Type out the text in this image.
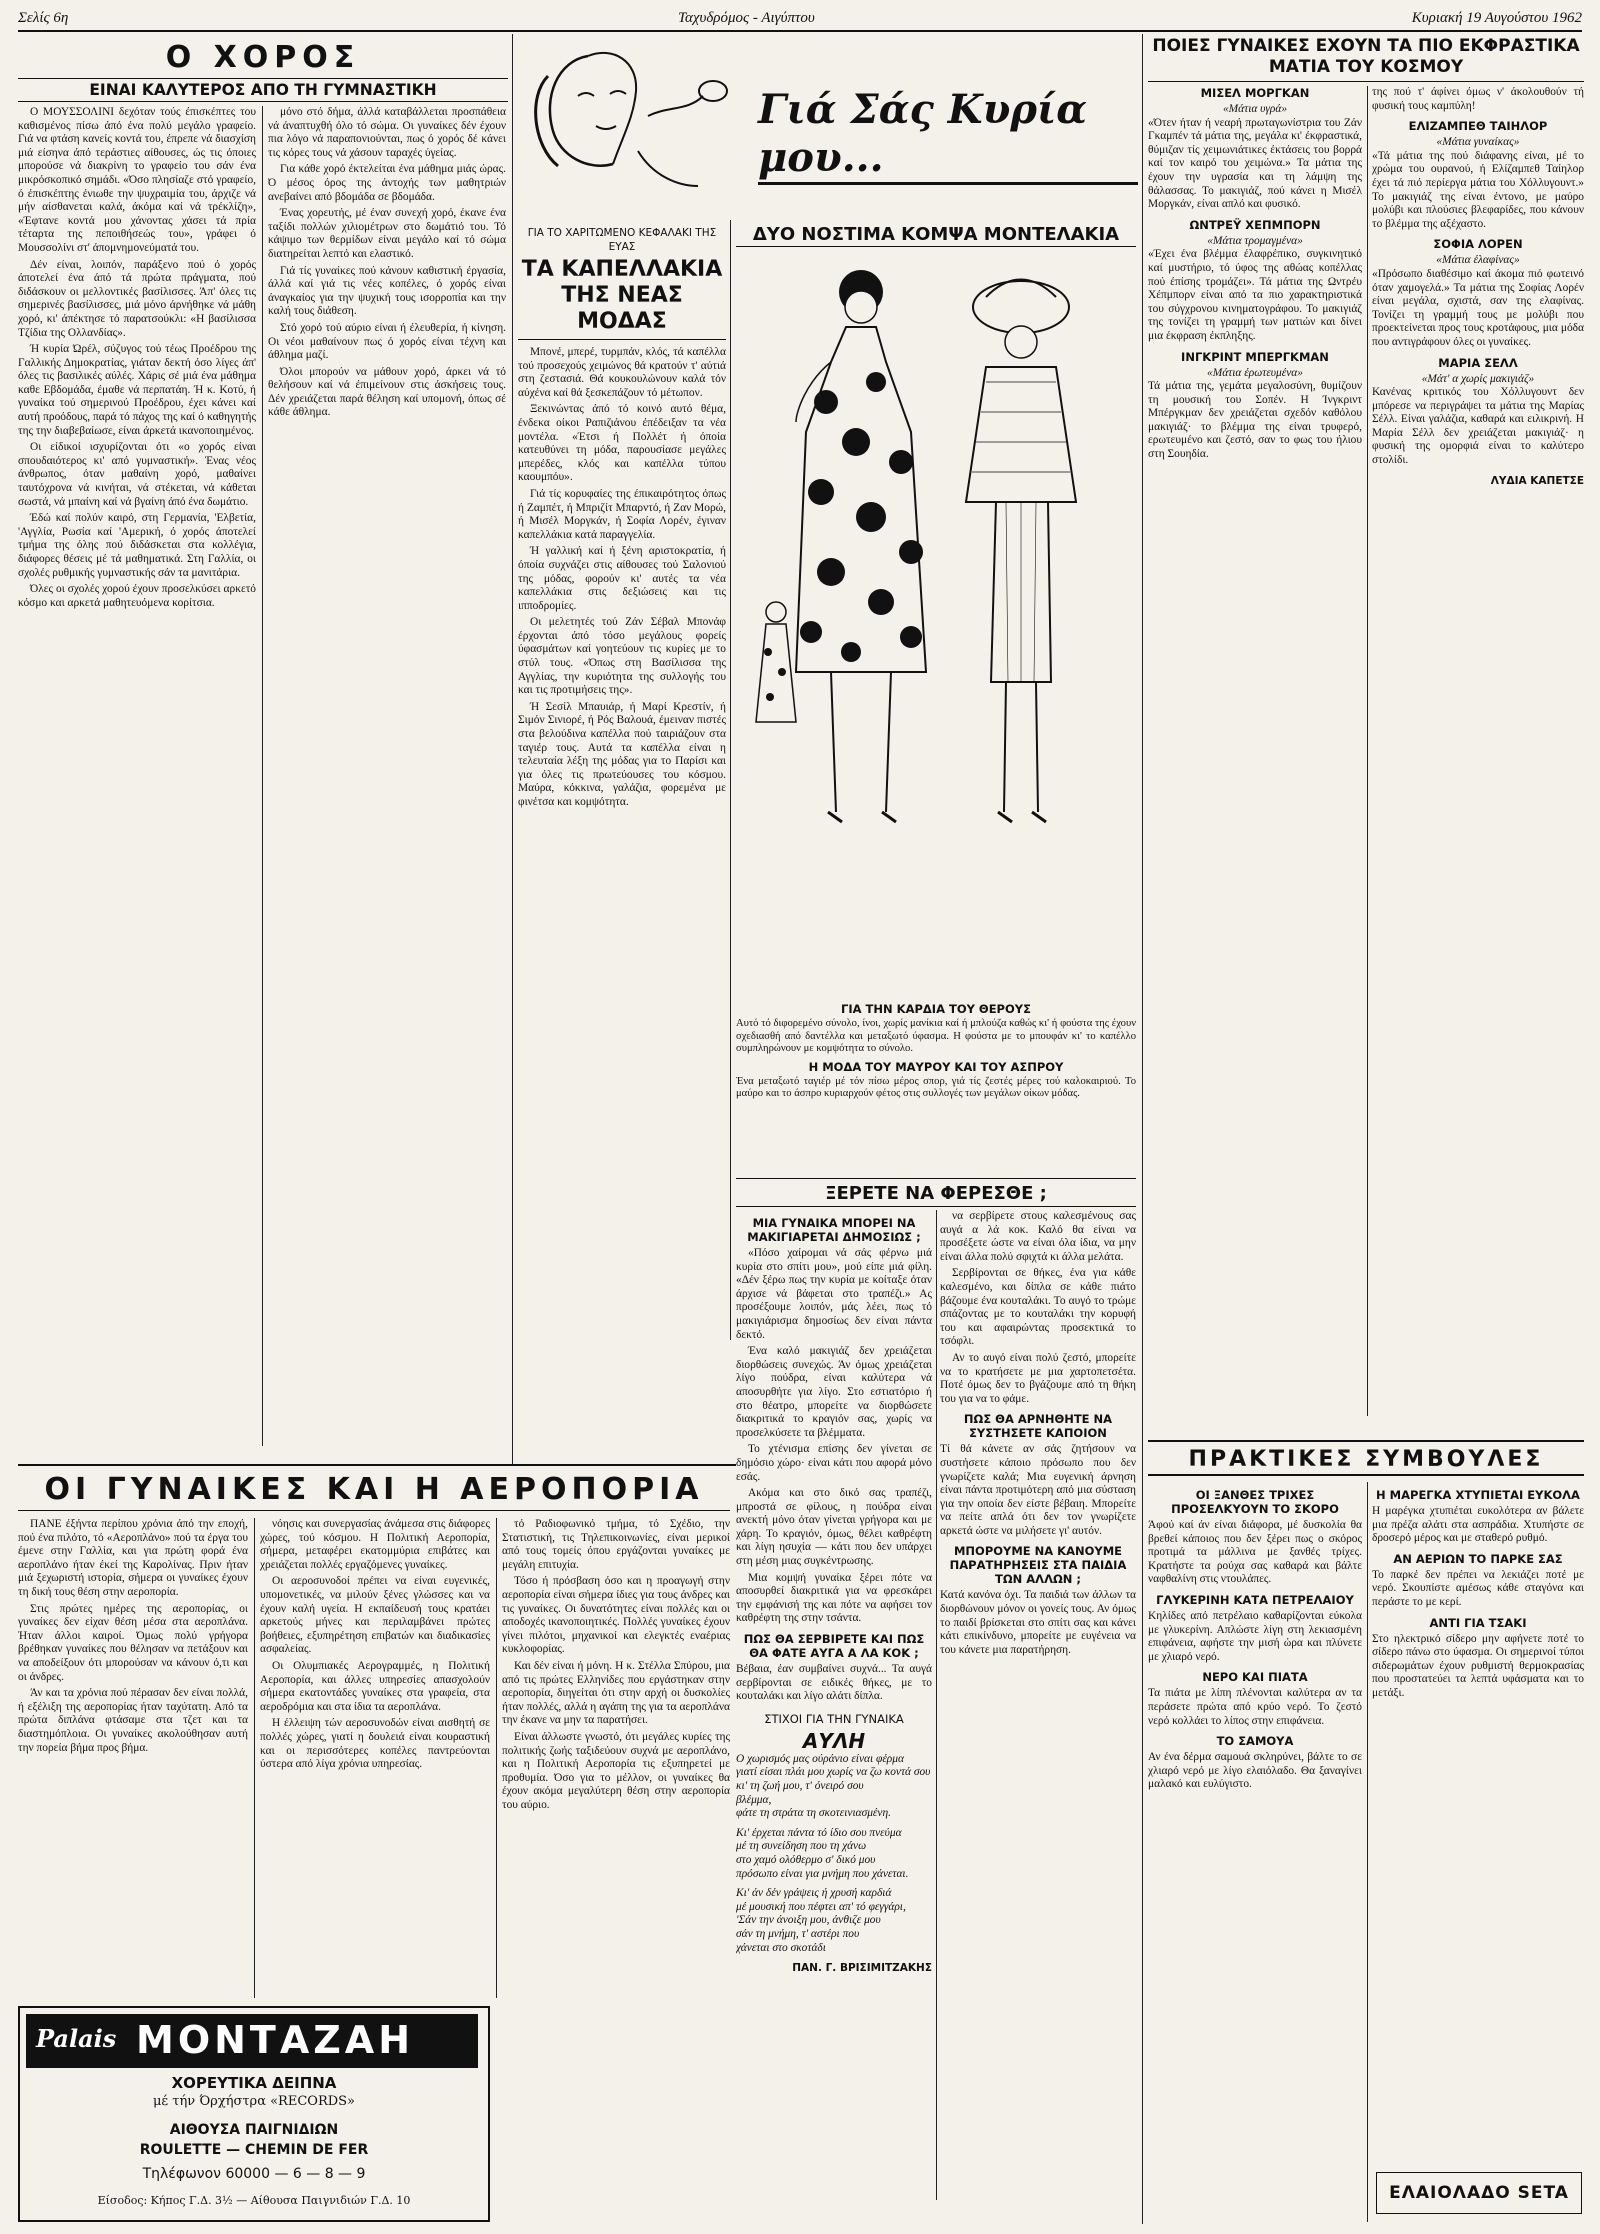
Σελίς 6η	Ταχυδρόμος - Αιγύπτου	Κυριακή 19 Αυγούστου 1962
Ο ΧΟΡΟΣ
ΕΙΝΑΙ ΚΑΛΥΤΕΡΟΣ ΑΠΟ ΤΗ ΓΥΜΝΑΣΤΙΚΗ

Ο ΜΟΥΣΣΟΛΙΝΙ δεχόταν τούς έπισκέπτες του καθισμένος πίσω άπό ένα πολύ μεγάλο γραφείο. Γιά να φτάση κανείς κοντά του, έπρεπε νά διασχίση μιά είσηνα άπό τεράστιες αίθουσες, ώς τις όποιες μπορούσε νά διακρίνη το γραφείο του σάν ένα μικρόσκοπικό σημάδι. «Όσο πλησίαζε στό γραφείο, ό έπισκέπτης ένιωθε την ψυχραιμία του, άρχιζε νά μήν αίσθανεται καλά, άκόμα καί νά τρέκλίζη», «Έφτανε κοντά μου χάνοντας χάσει τά πρία τέταρτα της πεποιθήσεώς του», γράφει ό Μουσσολίνι στ' άπομνημονεύματά του.

Δέν είναι, λοιπόν, παράξενο πού ό χορός άποτελεί ένα άπό τά πρώτα πράγματα, πού διδάσκουν οι μελλοντικές βασίλισσες. Άπ' όλες τις σημερινές βασίλισσες, μιά μόνο άρνήθηκε νά μάθη χορό, κι' άπέκτησε τό παρατσούκλι: «Η βασίλισσα Τζίδια της Ολλανδίας».

Ή κυρία Ώρέλ, σύζυγος τού τέως Προέδρου της Γαλλικής Δημοκρατίας, γιάταν δεκτή όσο λίγες άπ' όλες τις βασιλικές αύλές. Χάρις σέ μιά ένα μάθημα καθε Εβδομάδα, έμαθε νά περπατάη. Ή κ. Κοτύ, ή γυναίκα τού σημερινού Προέδρου, έχει κάνει καί αυτή προόδους, παρά τό πάχος της καί ό καθηγητής της την διαβεβαίωσε, είναι άρκετά ικανοποιημένος.

Οι είδικοί ισχυρίζονται ότι «ο χορός είναι σπουδαιότερος κι' από γυμναστική». Ένας νέος άνθρωπος, όταν μαθαίνη χορό, μαθαίνει ταυτόχρονα νά κινήται, νά στέκεται, νά κάθεται σωστά, νά μπαίνη καί νά βγαίνη άπό ένα δωμάτιο.

Έδώ καί πολύν καιρό, στη Γερμανία, 'Ελβετία, 'Αγγλία, Ρωσία καί 'Αμερική, ό χορός άποτελεί τμήμα της όλης πού διδάσκεται στα κολλέγια, διάφορες θέσεις μέ τά μαθηματικά. Στη Γαλλία, οι σχολές ρυθμικής γυμναστικής σάν τα μανιτάρια.

Όλες οι σχολές χορού έχουν προσελκύσει αρκετό κόσμο και αρκετά μαθητευόμενα κορίτσια.

μόνο στό δήμα, άλλά καταβάλλεται προσπάθεια νά άναπτυχθή όλο τό σώμα. Οι γυναίκες δέν έχουν πια λόγο νά παραπονιούνται, πως ό χορός δέ κάνει τις κόρες τους νά χάσουν ταραχές ύγείας.

Για κάθε χορό έκτελείται ένα μάθημα μιάς ώρας. Ό μέσος όρος της άντοχής των μαθητριών ανεβαίνει από βδομάδα σε βδομάδα.

Ένας χορευτής, μέ έναν συνεχή χορό, έκανε ένα ταξίδι πολλών χιλιομέτρων στο δωμάτιό του. Τό κάψιμο των θερμίδων είναι μεγάλο καί τό σώμα διατηρείται λεπτό και ελαστικό.

Γιά τίς γυναίκες πού κάνουν καθιστική έργασία, άλλά καί γιά τις νέες κοπέλες, ό χορός είναι άναγκαίος για την ψυχική τους ισορροπία και την καλή τους διάθεση.

Στό χορό τού αύριο είναι ή έλευθερία, ή κίνηση. Οι νέοι μαθαίνουν πως ό χορός είναι τέχνη και άθλημα μαζί.

Όλοι μπορούν να μάθουν χορό, άρκει νά τό θελήσουν καί νά έπιμείνουν στις άσκήσεις τους. Δέν χρειάζεται παρά θέληση καί υπομονή, όπως σέ κάθε άθλημα.

Γιά Σάς Κυρία μου...
ΓΙΑ ΤΟ ΧΑΡΙΤΩΜΕΝΟ ΚΕΦΑΛΑΚΙ ΤΗΣ ΕΥΑΣ
ΤΑ ΚΑΠΕΛΛΑΚΙΑ ΤΗΣ ΝΕΑΣ ΜΟΔΑΣ

Μπονέ, μπερέ, τυρμπάν, κλός, τά καπέλλα τού προσεχούς χειμώνος θά κρατούν τ' αύτιά στη ζεστασιά. Θά κουκουλώνουν καλά τόν αύχένα καί θά ξεσκεπάζουν τό μέτωπον.

Ξεκινώντας άπό τό κοινό αυτό θέμα, ένδεκα οίκοι Ραπιζιάνου έπέδειξαν τα νέα μοντέλα. «Έτσι ή Πολλέτ ή όποία κατευθύνει τη μόδα, παρουσίασε μεγάλες μπερέδες, κλός και καπέλλα τύπου καουμπόυ».

Γιά τίς κορυφαίες της έπικαιρότητος όπως ή Ζαμπέτ, ή Μπριζίτ Μπαρντό, ή Ζαν Μορώ, ή Μισέλ Μοργκάν, ή Σοφία Λορέν, έγιναν καπελλάκια κατά παραγγελία.

Ή γαλλική καί ή ξένη αριστοκρατία, ή όποία συχνάζει στις αίθουσες τού Σαλονιού της μόδας, φορούν κι' αυτές τα νέα καπελλάκια στις δεξιώσεις και τις ιπποδρομίες.

Οι μελετητές τού Ζάν Σέβαλ Μπονάφ έρχονται άπό τόσο μεγάλους φορείς ύφασμάτων καί γοητεύουν τις κυρίες με το στύλ τους. «Όπως στη Βασίλισσα της Αγγλίας, την κυριότητα της συλλογής του και τις προτιμήσεις της».

Ή Σεσίλ Μπαυιάρ, ή Μαρί Κρεστίν, ή Σιμόν Σινιορέ, ή Ρός Βαλουά, έμειναν πιστές στα βελούδινα καπέλλα πού ταιριάζουν στα ταγιέρ τους. Αυτά τα καπέλλα είναι η τελευταία λέξη της μόδας για το Παρίσι και για όλες τις πρωτεύουσες του κόσμου. Μαύρα, κόκκινα, γαλάζια, φορεμένα με φινέτσα και κομψότητα.

ΔΥΟ ΝΟΣΤΙΜΑ ΚΟΜΨΑ ΜΟΝΤΕΛΑΚΙΑ
ΓΙΑ ΤΗΝ ΚΑΡΔΙΑ ΤΟΥ ΘΕΡΟΥΣ
Αυτό τό διφορεμένο σύνολο, ίνοι, χωρίς μανίκια καί ή μπλούζα καθώς κι' ή φούστα της έχουν σχεδιασθή από δαντέλλα και μεταξωτό ύφασμα. Η φούστα με το μπουφάν κι' το καπέλλο συμπληρώνουν με κομψότητα το σύνολο.
Η ΜΟΔΑ ΤΟΥ ΜΑΥΡΟΥ ΚΑΙ ΤΟΥ ΑΣΠΡΟΥ
Ένα μεταξωτό ταγιέρ μέ τόν πίσω μέρος σπορ, γιά τίς ζεστές μέρες τού καλοκαιριού. Το μαύρο και το άσπρο κυριαρχούν φέτος στις συλλογές των μεγάλων οίκων μόδας.
ΞΕΡΕΤΕ ΝΑ ΦΕΡΕΣΘΕ ;
ΜΙΑ ΓΥΝΑΙΚΑ ΜΠΟΡΕΙ ΝΑ ΜΑΚΙΓΙΑΡΕΤΑΙ ΔΗΜΟΣΙΩΣ ;

«Πόσο χαίρομαι νά σάς φέρνω μιά κυρία στο σπίτι μου», μού είπε μιά φίλη. «Δέν ξέρω πως την κυρία με κοίταξε όταν άρχισε νά βάφεται στο τραπέζι.» Ας προσέξουμε λοιπόν, μάς λέει, πως τό μακιγιάρισμα δημοσίως δεν είναι πάντα δεκτό.

Ένα καλό μακιγιάζ δεν χρειάζεται διορθώσεις συνεχώς. Άν όμως χρειάζεται λίγο πούδρα, είναι καλύτερα νά αποσυρθήτε για λίγο. Στο εστιατόριο ή στο θέατρο, μπορείτε να διορθώσετε διακριτικά το κραγιόν σας, χωρίς να προσελκύσετε τα βλέμματα.

Το χτένισμα επίσης δεν γίνεται σε δημόσιο χώρο· είναι κάτι που αφορά μόνο εσάς.

Ακόμα και στο δικό σας τραπέζι, μπροστά σε φίλους, η πούδρα είναι ανεκτή μόνο όταν γίνεται γρήγορα και με χάρη. Το κραγιόν, όμως, θέλει καθρέφτη και λίγη ησυχία — κάτι που δεν υπάρχει στη μέση μιας συγκέντρωσης.

Μια κομψή γυναίκα ξέρει πότε να αποσυρθεί διακριτικά για να φρεσκάρει την εμφάνισή της και πότε να αφήσει τον καθρέφτη της στην τσάντα.

ΠΩΣ ΘΑ ΣΕΡΒΙΡΕΤΕ ΚΑΙ ΠΩΣ ΘΑ ΦΑΤΕ ΑΥΓΑ Α ΛΑ ΚΟΚ ;
Βέβαια, έαν συμβαίνει συχνά... Τα αυγά σερβίρονται σε ειδικές θήκες, με το κουταλάκι και λίγο αλάτι δίπλα.
ΣΤΙΧΟΙ ΓΙΑ ΤΗΝ ΓΥΝΑΙΚΑ
ΑΥΛΗ
Ο χωρισμός μας ούράνιο είναι φέρμα
γιατί είσαι πλάι μου χωρίς να ζω κοντά σου
κι' τη ζωή μου, τ' όνειρό σου
βλέμμα,
φάτε τη στράτα τη σκοτεινιασμένη.
Κι' έρχεται πάντα τό ίδιο σου πνεύμα
μέ τη συνείδηση που τη χάνω
στο χαμό ολόθερμο σ' δικό μου
πρόσωπο είναι για μνήμη που χάνεται.
Κι' άν δέν γράψεις ή χρυσή καρδιά
μέ μουσική που πέφτει απ' τό φεγγάρι,
'Σάν την άνοιξη μου, άνθιζε μου
σάν τη μνήμη, τ' αστέρι που
χάνεται στο σκοτάδι
ΠΑΝ. Γ. ΒΡΙΣΙΜΙΤΖΑΚΗΣ

να σερβίρετε στους καλεσμένους σας αυγά α λά κοκ. Καλό θα είναι να προσέξετε ώστε να είναι όλα ίδια, να μην είναι άλλα πολύ σφιχτά κι άλλα μελάτα.

Σερβίρονται σε θήκες, ένα για κάθε καλεσμένο, και δίπλα σε κάθε πιάτο βάζουμε ένα κουταλάκι. Το αυγό το τρώμε σπάζοντας με το κουταλάκι την κορυφή του και αφαιρώντας προσεκτικά το τσόφλι.

Αν το αυγό είναι πολύ ζεστό, μπορείτε να το κρατήσετε με μια χαρτοπετσέτα. Ποτέ όμως δεν το βγάζουμε από τη θήκη του για να το φάμε.

ΠΩΣ ΘΑ ΑΡΝΗΘΗΤΕ ΝΑ ΣΥΣΤΗΣΕΤΕ ΚΑΠΟΙΟΝ
Τί θά κάνετε αν σάς ζητήσουν να συστήσετε κάποιο πρόσωπο που δεν γνωρίζετε καλά; Μια ευγενική άρνηση είναι πάντα προτιμότερη από μια σύσταση για την οποία δεν είστε βέβαιη. Μπορείτε να πείτε απλά ότι δεν τον γνωρίζετε αρκετά ώστε να μιλήσετε γι' αυτόν.
ΜΠΟΡΟΥΜΕ ΝΑ ΚΑΝΟΥΜΕ ΠΑΡΑΤΗΡΗΣΕΙΣ ΣΤΑ ΠΑΙΔΙΑ ΤΩΝ ΑΛΛΩΝ ;
Κατά κανόνα όχι. Τα παιδιά των άλλων τα διορθώνουν μόνον οι γονείς τους. Αν όμως το παιδί βρίσκεται στο σπίτι σας και κάνει κάτι επικίνδυνο, μπορείτε με ευγένεια να του κάνετε μια παρατήρηση.
ΠΟΙΕΣ ΓΥΝΑΙΚΕΣ ΕΧΟΥΝ ΤΑ ΠΙΟ ΕΚΦΡΑΣΤΙΚΑ ΜΑΤΙΑ ΤΟΥ ΚΟΣΜΟΥ
ΜΙΣΕΛ ΜΟΡΓΚΑΝ
«Μάτια υγρά»
«Ότεν ήταν ή νεαρή πρωταγωνίστρια του Ζάν Γκαμπέν τά μάτια της, μεγάλα κι' έκφραστικά, θύμιζαν τίς χειμωνιάτικες έκτάσεις του βορρά καί τον καιρό του χειμώνα.» Τα μάτια της έχουν την υγρασία και τη λάμψη της θάλασσας. Το μακιγιάζ, πού κάνει η Μισέλ Μοργκάν, είναι απλό και φυσικό.
ΩΝΤΡΕΫ ΧΕΠΜΠΟΡΝ
«Μάτια τρομαγμένα»
«Έχει ένα βλέμμα έλαφρέπικο, συγκινητικό καί μυστήριο, τό ύφος της αθώας κοπέλλας πού έπίσης τρομάζει». Τά μάτια της Ωντρέυ Χέπμπορν είναι από τα πιο χαρακτηριστικά του σύγχρονου κινηματογράφου. Το μακιγιάζ της τονίζει τη γραμμή των ματιών και δίνει μια έκφραση έκπληξης.
ΙΝΓΚΡΙΝΤ ΜΠΕΡΓΚΜΑΝ
«Μάτια έρωτευμένα»
Τά μάτια της, γεμάτα μεγαλοσύνη, θυμίζουν τη μουσική του Σοπέν. Η Ίνγκριντ Μπέργκμαν δεν χρειάζεται σχεδόν καθόλου μακιγιάζ· το βλέμμα της είναι τρυφερό, ερωτευμένο και ζεστό, σαν το φως του ήλιου στη Σουηδία.
της πού τ' άφίνει όμως ν' άκολουθούν τή φυσική τους καμπύλη!
ΕΛΙΖΑΜΠΕΘ ΤΑΙΗΛΟΡ
«Μάτια γυναίκας»
«Τά μάτια της πού διάφανης είναι, μέ το χρώμα του ουρανού, ή Ελίζαμπεθ Ταίηλορ έχει τά πιό περίεργα μάτια του Χόλλυγουντ.» Το μακιγιάζ της είναι έντονο, με μαύρο μολύβι και πλούσιες βλεφαρίδες, που κάνουν το βλέμμα της αξέχαστο.
ΣΟΦΙΑ ΛΟΡΕΝ
«Μάτια έλαφίνας»
«Πρόσωπο διαθέσιμο καί άκομα πιό φωτεινό όταν χαμογελά.» Τα μάτια της Σοφίας Λορέν είναι μεγάλα, σχιστά, σαν της ελαφίνας. Τονίζει τη γραμμή τους με μολύβι που προεκτείνεται προς τους κροτάφους, μια μόδα που αντιγράφουν όλες οι γυναίκες.
ΜΑΡΙΑ ΣΕΛΛ
«Μάτ' α χωρίς μακιγιάζ»
Κανένας κριτικός του Χόλλυγουντ δεν μπόρεσε να περιγράψει τα μάτια της Μαρίας Σέλλ. Είναι γαλάζια, καθαρά και ειλικρινή. Η Μαρία Σέλλ δεν χρειάζεται μακιγιάζ· η φυσική της ομορφιά είναι το καλύτερο στολίδι.
ΛΥΔΙΑ ΚΑΠΕΤΣΕ
ΠΡΑΚΤΙΚΕΣ ΣΥΜΒΟΥΛΕΣ
ΟΙ ΞΑΝΘΕΣ ΤΡΙΧΕΣ ΠΡΟΣΕΛΚΥΟΥΝ ΤΟ ΣΚΟΡΟ
Άφού καί άν είναι διάφορα, μέ δυσκολία θα βρεθεί κάποιος που δεν ξέρει πως ο σκόρος προτιμά τα μάλλινα με ξανθές τρίχες. Κρατήστε τα ρούχα σας καθαρά και βάλτε ναφθαλίνη στις ντουλάπες.
ΓΛΥΚΕΡΙΝΗ ΚΑΤΑ ΠΕΤΡΕΛΑΙΟΥ
Κηλίδες από πετρέλαιο καθαρίζονται εύκολα με γλυκερίνη. Απλώστε λίγη στη λεκιασμένη επιφάνεια, αφήστε την μισή ώρα και πλύνετε με χλιαρό νερό.
ΝΕΡΟ ΚΑΙ ΠΙΑΤΑ
Τα πιάτα με λίπη πλένονται καλύτερα αν τα περάσετε πρώτα από κρύο νερό. Το ζεστό νερό κολλάει το λίπος στην επιφάνεια.
ΤΟ ΣΑΜΟΥΑ
Αν ένα δέρμα σαμουά σκληρύνει, βάλτε το σε χλιαρό νερό με λίγο ελαιόλαδο. Θα ξαναγίνει μαλακό και ευλύγιστο.
Η ΜΑΡΕΓΚΑ ΧΤΥΠΙΕΤΑΙ ΕΥΚΟΛΑ
Η μαρέγκα χτυπιέται ευκολότερα αν βάλετε μια πρέζα αλάτι στα ασπράδια. Χτυπήστε σε δροσερό μέρος και με σταθερό ρυθμό.
ΑΝ ΑΕΡΙΩΝ ΤΟ ΠΑΡΚΕ ΣΑΣ
Το παρκέ δεν πρέπει να λεκιάζει ποτέ με νερό. Σκουπίστε αμέσως κάθε σταγόνα και περάστε το με κερί.
ΑΝΤΙ ΓΙΑ ΤΣΑΚΙ
Στο ηλεκτρικό σίδερο μην αφήνετε ποτέ το σίδερο πάνω στο ύφασμα. Οι σημερινοί τύποι σιδερωμάτων έχουν ρυθμιστή θερμοκρασίας που προστατεύει τα λεπτά υφάσματα και το μετάξι.
ΕΛΑΙΟΛΑΔΟ SETA
ΟΙ ΓΥΝΑΙΚΕΣ ΚΑΙ Η ΑΕΡΟΠΟΡΙΑ

ΠΑΝΕ έξήντα περίπου χρόνια άπό την εποχή, πού ένα πιλότο, τό «Αεροπλάνο» πού τα έργα του έμενε στην Γαλλία, και για πρώτη φορά ένα αεροπλάνο ήταν έκεί της Καρολίνας. Πριν ήταν μιά ξεχωριστή ιστορία, σήμερα οι γυναίκες έχουν τη δική τους θέση στην αεροπορία.

Στις πρώτες ημέρες της αεροπορίας, οι γυναίκες δεν είχαν θέση μέσα στα αεροπλάνα. Ήταν άλλοι καιροί. Όμως πολύ γρήγορα βρέθηκαν γυναίκες που θέλησαν να πετάξουν και να αποδείξουν ότι μπορούσαν να κάνουν ό,τι και οι άνδρες.

Άν και τα χρόνια πού πέρασαν δεν είναι πολλά, ή εξέλιξη της αεροπορίας ήταν ταχύτατη. Από τα πρώτα διπλάνα φτάσαμε στα τζετ και τα διαστημόπλοια. Οι γυναίκες ακολούθησαν αυτή την πορεία βήμα προς βήμα.

νόησις και συνεργασίας άνάμεσα στις διάφορες χώρες, τού κόσμου. Η Πολιτική Αεροπορία, σήμερα, μεταφέρει εκατομμύρια επιβάτες και χρειάζεται πολλές εργαζόμενες γυναίκες.

Οι αεροσυνοδοί πρέπει να είναι ευγενικές, υπομονετικές, να μιλούν ξένες γλώσσες και να έχουν καλή υγεία. Η εκπαίδευσή τους κρατάει αρκετούς μήνες και περιλαμβάνει πρώτες βοήθειες, εξυπηρέτηση επιβατών και διαδικασίες ασφαλείας.

Οι Ολυμπιακές Αερογραμμές, η Πολιτική Αεροπορία, και άλλες υπηρεσίες απασχολούν σήμερα εκατοντάδες γυναίκες στα γραφεία, στα αεροδρόμια και στα ίδια τα αεροπλάνα.

Η έλλειψη τών αεροσυνοδών είναι αισθητή σε πολλές χώρες, γιατί η δουλειά είναι κουραστική και οι περισσότερες κοπέλες παντρεύονται ύστερα από λίγα χρόνια υπηρεσίας.

τό Ραδιοφωνικό τμήμα, τό Σχέδιο, την Στατιστική, τις Τηλεπικοινωνίες, είναι μερικοί από τους τομείς όπου εργάζονται γυναίκες με μεγάλη επιτυχία.

Τόσο ή πρόσβαση όσο και η προαγωγή στην αεροπορία είναι σήμερα ίδιες για τους άνδρες και τις γυναίκες. Οι δυνατότητες είναι πολλές και οι αποδοχές ικανοποιητικές. Πολλές γυναίκες έχουν γίνει πιλότοι, μηχανικοί και ελεγκτές εναέριας κυκλοφορίας.

Και δέν είναι ή μόνη. Η κ. Στέλλα Σπύρου, μια από τις πρώτες Ελληνίδες που εργάστηκαν στην αεροπορία, διηγείται ότι στην αρχή οι δυσκολίες ήταν πολλές, αλλά η αγάπη της για τα αεροπλάνα την έκανε να μην τα παρατήσει.

Είναι άλλωστε γνωστό, ότι μεγάλες κυρίες της πολιτικής ζωής ταξιδεύουν συχνά με αεροπλάνο, και η Πολιτική Αεροπορία τις εξυπηρετεί με προθυμία. Όσο για το μέλλον, οι γυναίκες θα έχουν ακόμα μεγαλύτερη θέση στην αεροπορία του αύριο.

Palais ΜΟΝΤΑΖΑΗ
ΧΟΡΕΥΤΙΚΑ ΔΕΙΠΝΑ
μέ τήν Όρχήστρα «RECORDS»
ΑΙΘΟΥΣΑ ΠΑΙΓΝΙΔΙΩΝ
ROULETTE — CHEMIN DE FER
Τηλέφωνον 60000 — 6 — 8 — 9
Είσοδος: Κήπος Γ.Δ. 3½ — Αίθουσα Παιγνιδιών Γ.Δ. 10
